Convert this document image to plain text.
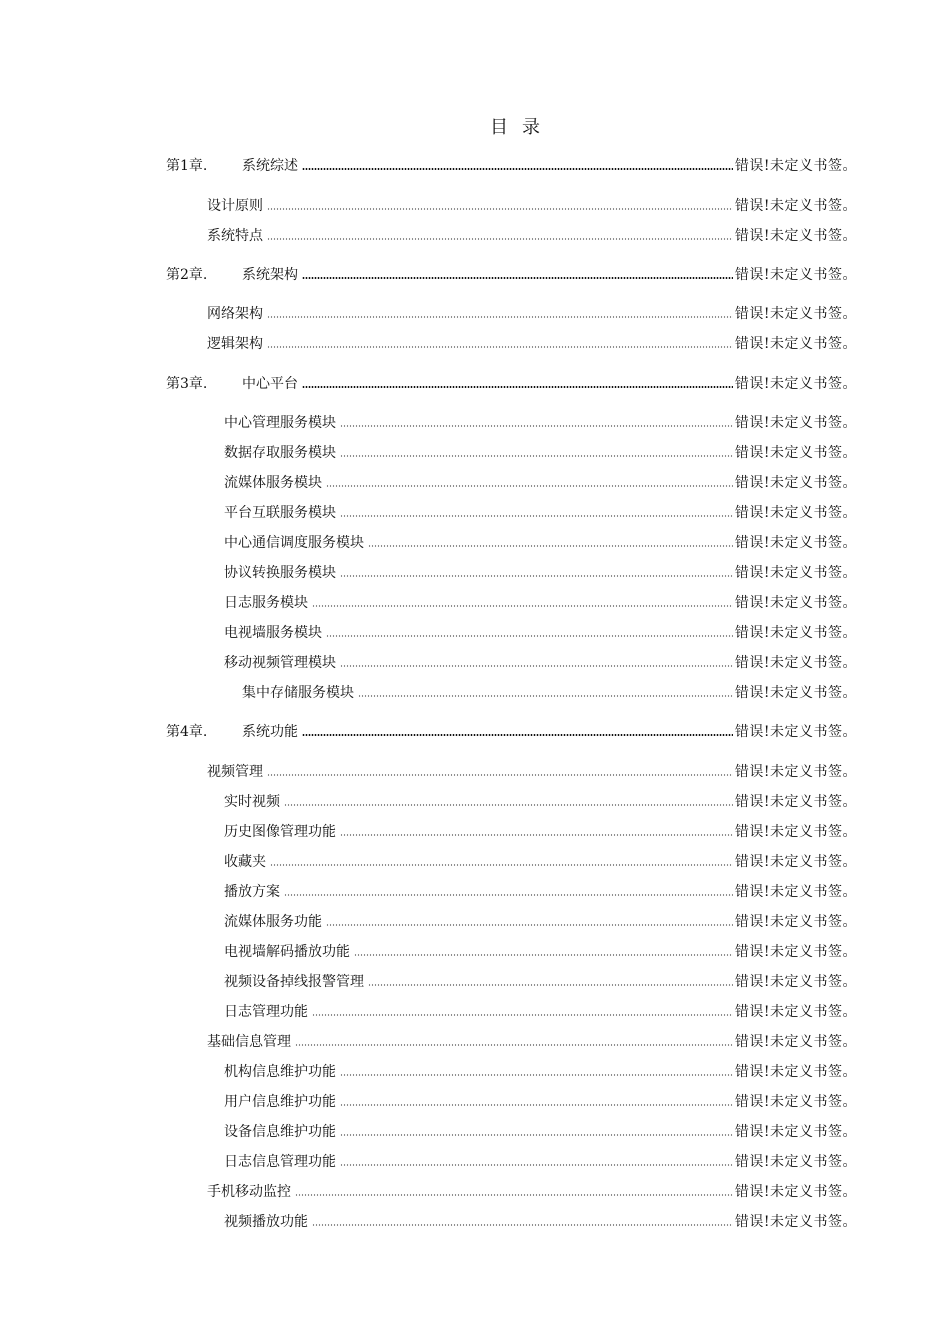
目录
第1章.	系统综述	错误!未定义书签。
设计原则	错误!未定义书签。
系统特点	错误!未定义书签。
第2章.	系统架构	错误!未定义书签。
网络架构	错误!未定义书签。
逻辑架构	错误!未定义书签。
第3章.	中心平台	错误!未定义书签。
中心管理服务模块	错误!未定义书签。
数据存取服务模块	错误!未定义书签。
流媒体服务模块	错误!未定义书签。
平台互联服务模块	错误!未定义书签。
中心通信调度服务模块	错误!未定义书签。
协议转换服务模块	错误!未定义书签。
日志服务模块	错误!未定义书签。
电视墙服务模块	错误!未定义书签。
移动视频管理模块	错误!未定义书签。
集中存储服务模块	错误!未定义书签。
第4章.	系统功能	错误!未定义书签。
视频管理	错误!未定义书签。
实时视频	错误!未定义书签。
历史图像管理功能	错误!未定义书签。
收藏夹	错误!未定义书签。
播放方案	错误!未定义书签。
流媒体服务功能	错误!未定义书签。
电视墙解码播放功能	错误!未定义书签。
视频设备掉线报警管理	错误!未定义书签。
日志管理功能	错误!未定义书签。
基础信息管理	错误!未定义书签。
机构信息维护功能	错误!未定义书签。
用户信息维护功能	错误!未定义书签。
设备信息维护功能	错误!未定义书签。
日志信息管理功能	错误!未定义书签。
手机移动监控	错误!未定义书签。
视频播放功能	错误!未定义书签。
